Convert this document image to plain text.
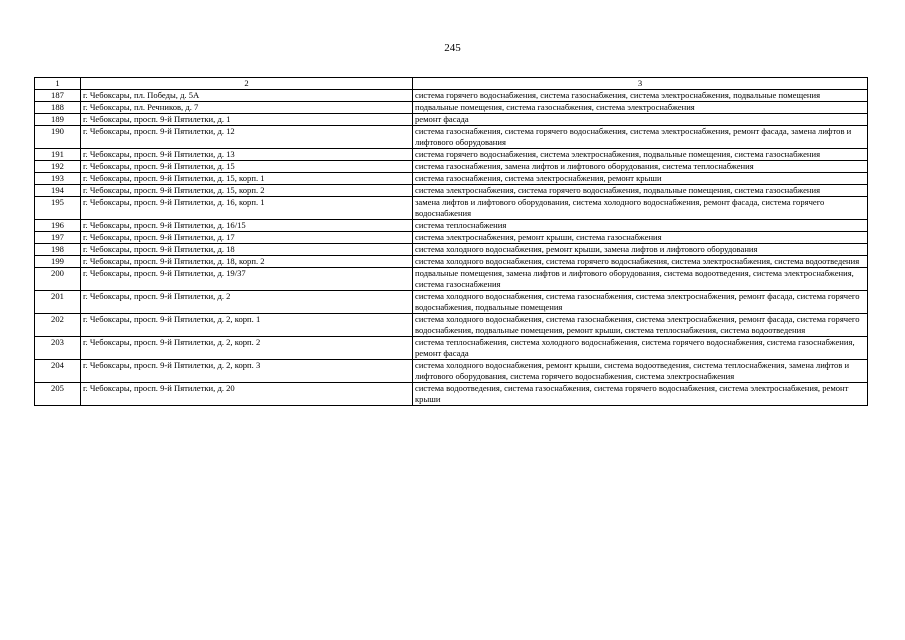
245
1	2	3
187	г. Чебоксары, пл. Победы, д. 5А	система горячего водоснабжения, система газоснабжения, система электроснабжения, подвальные помещения
188	г. Чебоксары, пл. Речников, д. 7	подвальные помещения, система газоснабжения, система электроснабжения
189	г. Чебоксары, просп. 9-й Пятилетки, д. 1	ремонт фасада
190	г. Чебоксары, просп. 9-й Пятилетки, д. 12	система газоснабжения, система горячего водоснабжения, система электроснабжения, ремонт фасада, замена лифтов и лифтового оборудования
191	г. Чебоксары, просп. 9-й Пятилетки, д. 13	система горячего водоснабжения, система электроснабжения, подвальные помещения, система газоснабжения
192	г. Чебоксары, просп. 9-й Пятилетки, д. 15	система газоснабжения, замена лифтов и лифтового оборудования, система теплоснабжения
193	г. Чебоксары, просп. 9-й Пятилетки, д. 15, корп. 1	система газоснабжения, система электроснабжения, ремонт крыши
194	г. Чебоксары, просп. 9-й Пятилетки, д. 15, корп. 2	система электроснабжения, система горячего водоснабжения, подвальные помещения, система газоснабжения
195	г. Чебоксары, просп. 9-й Пятилетки, д. 16, корп. 1	замена лифтов и лифтового оборудования, система холодного водоснабжения, ремонт фасада, система горячего водоснабжения
196	г. Чебоксары, просп. 9-й Пятилетки, д. 16/15	система теплоснабжения
197	г. Чебоксары, просп. 9-й Пятилетки, д. 17	система электроснабжения, ремонт крыши, система газоснабжения
198	г. Чебоксары, просп. 9-й Пятилетки, д. 18	система холодного водоснабжения, ремонт крыши, замена лифтов и лифтового оборудования
199	г. Чебоксары, просп. 9-й Пятилетки, д. 18, корп. 2	система холодного водоснабжения, система горячего водоснабжения, система электроснабжения, система водоотведения
200	г. Чебоксары, просп. 9-й Пятилетки, д. 19/37	подвальные помещения, замена лифтов и лифтового оборудования, система водоотведения, система электроснабжения, система газоснабжения
201	г. Чебоксары, просп. 9-й Пятилетки, д. 2	система холодного водоснабжения, система газоснабжения, система электроснабжения, ремонт фасада, система горячего водоснабжения, подвальные помещения
202	г. Чебоксары, просп. 9-й Пятилетки, д. 2, корп. 1	система холодного водоснабжения, система газоснабжения, система электроснабжения, ремонт фасада, система горячего водоснабжения, подвальные помещения, ремонт крыши, система теплоснабжения, система водоотведения
203	г. Чебоксары, просп. 9-й Пятилетки, д. 2, корп. 2	система теплоснабжения, система холодного водоснабжения, система горячего водоснабжения, система газоснабжения, ремонт фасада
204	г. Чебоксары, просп. 9-й Пятилетки, д. 2, корп. 3	система холодного водоснабжения, ремонт крыши, система водоотведения, система теплоснабжения, замена лифтов и лифтового оборудования, система горячего водоснабжения, система электроснабжения
205	г. Чебоксары, просп. 9-й Пятилетки, д. 20	система водоотведения, система газоснабжения, система горячего водоснабжения, система электроснабжения, ремонт крыши
